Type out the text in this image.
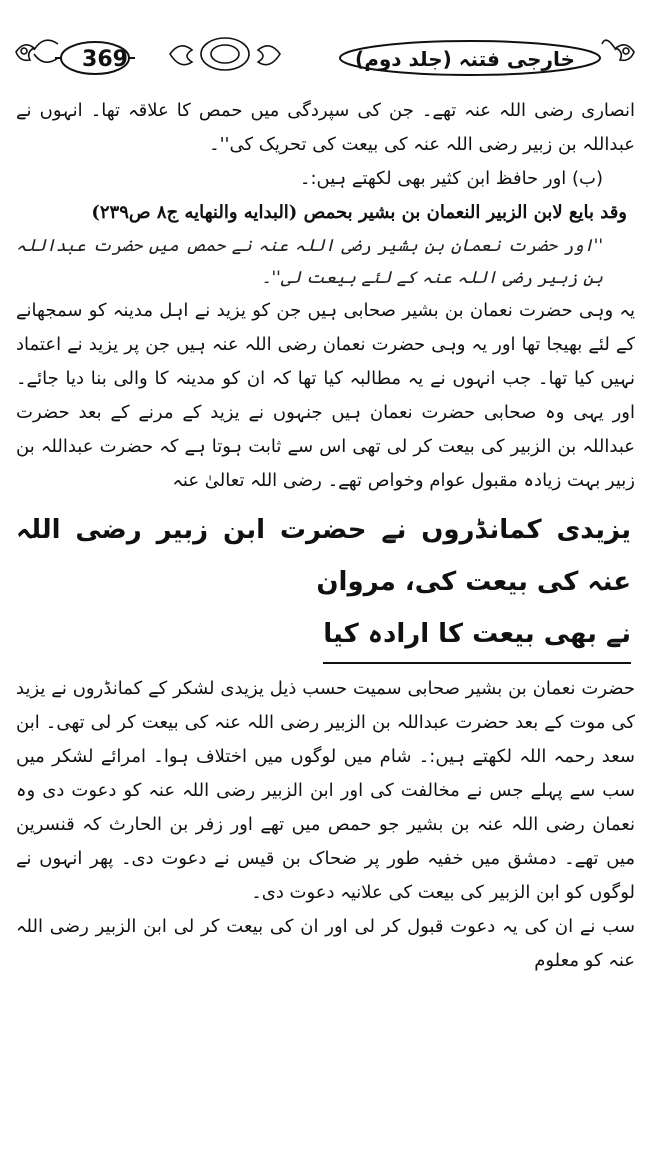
369	خارجی فتنہ (جلد دوم)

انصاری رضی اللہ عنہ تھے۔ جن کی سپردگی میں حمص کا علاقہ تھا۔ انہوں نے عبداللہ بن زبیر رضی اللہ عنہ کی بیعت کی تحریک کی''۔

(ب) اور حافظ ابن کثیر بھی لکھتے ہیں:۔

وقد بايع لابن الزبير النعمان بن بشير بحمص (البدايه والنهايه ج٨ ص٢٣٩)

''اور حضرت نعمان بن بشیر رضی اللہ عنہ نے حمص میں حضرت عبداللہ بن زبیر رضی اللہ عنہ کے لئے بیعت لی''۔

یہ وہی حضرت نعمان بن بشیر صحابی ہیں جن کو یزید نے اہل مدینہ کو سمجھانے کے لئے بھیجا تھا اور یہ وہی حضرت نعمان رضی اللہ عنہ ہیں جن پر یزید نے اعتماد نہیں کیا تھا۔ جب انہوں نے یہ مطالبہ کیا تھا کہ ان کو مدینہ کا والی بنا دیا جائے۔ اور یہی وہ صحابی حضرت نعمان ہیں جنہوں نے یزید کے مرنے کے بعد حضرت عبداللہ بن الزبیر کی بیعت کر لی تھی اس سے ثابت ہوتا ہے کہ حضرت عبداللہ بن زبیر بہت زیادہ مقبول عوام وخواص تھے۔ رضی اللہ تعالیٰ عنہ

یزیدی کمانڈروں نے حضرت ابن زبیر رضی اللہ عنہ کی بیعت کی، مروان
نے بھی بیعت کا ارادہ کیا

حضرت نعمان بن بشیر صحابی سمیت حسب ذیل یزیدی لشکر کے کمانڈروں نے یزید کی موت کے بعد حضرت عبداللہ بن الزبیر رضی اللہ عنہ کی بیعت کر لی تھی۔ ابن سعد رحمہ اللہ لکھتے ہیں:۔ شام میں لوگوں میں اختلاف ہوا۔ امرائے لشکر میں سب سے پہلے جس نے مخالفت کی اور ابن الزبیر رضی اللہ عنہ کو دعوت دی وہ نعمان رضی اللہ عنہ بن بشیر جو حمص میں تھے اور زفر بن الحارث کہ قنسرین میں تھے۔ دمشق میں خفیہ طور پر ضحاک بن قیس نے دعوت دی۔ پھر انہوں نے لوگوں کو ابن الزبیر کی بیعت کی علانیہ دعوت دی۔

سب نے ان کی یہ دعوت قبول کر لی اور ان کی بیعت کر لی ابن الزبیر رضی اللہ عنہ کو معلوم
